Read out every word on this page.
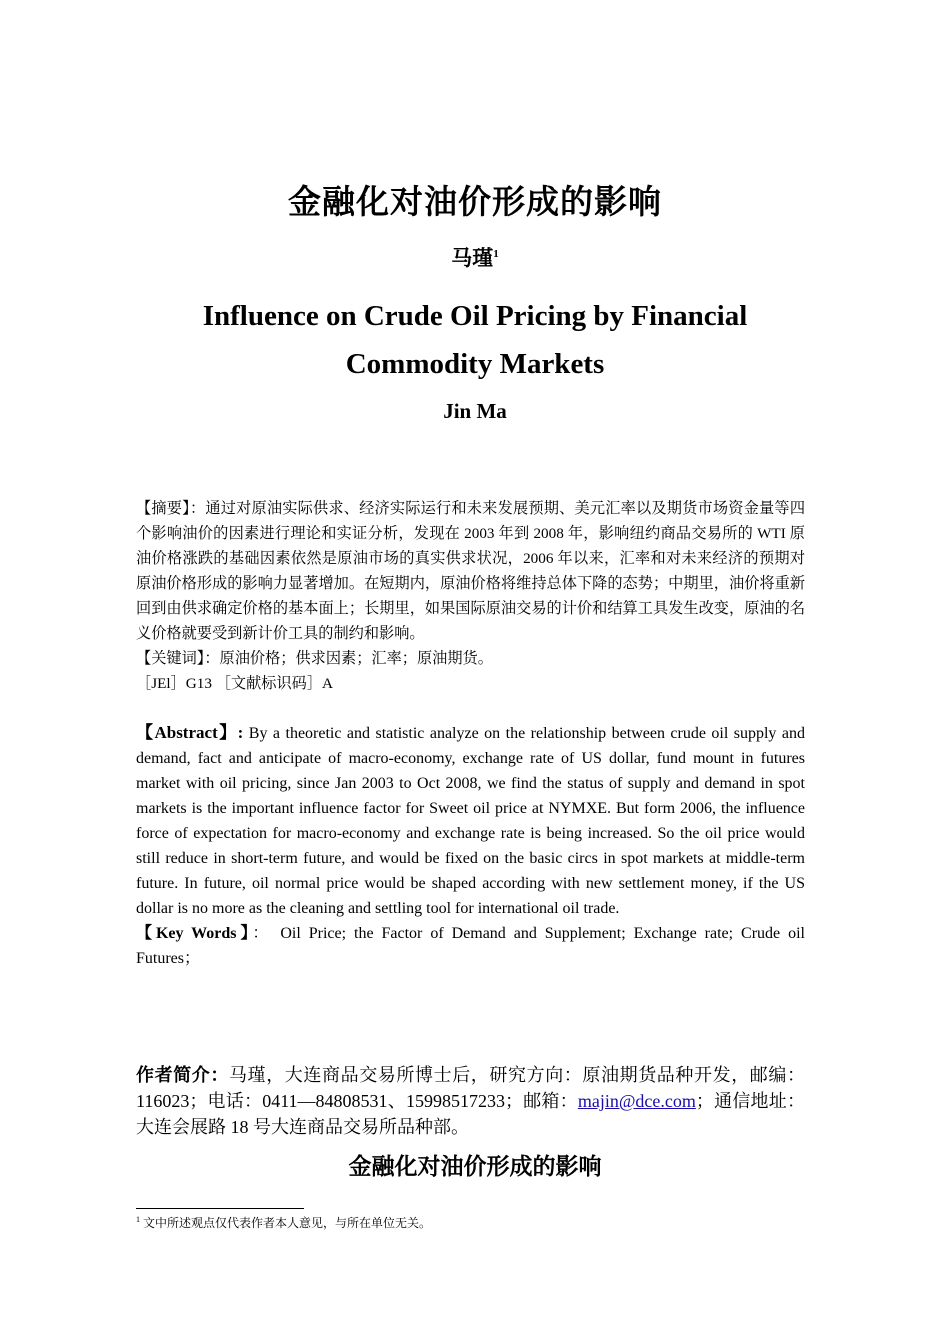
金融化对油价形成的影响
马瑾$^1$
Influence on Crude Oil Pricing by Financial
Commodity Markets
Jin Ma

【摘要】：通过对原油实际供求、经济实际运行和未来发展预期、美元汇率以及期货市场资金量等四个影响油价的因素进行理论和实证分析，发现在 2003 年到 2008 年，影响纽约商品交易所的 WTI 原油价格涨跌的基础因素依然是原油市场的真实供求状况，2006 年以来，汇率和对未来经济的预期对原油价格形成的影响力显著增加。在短期内，原油价格将维持总体下降的态势；中期里，油价将重新回到由供求确定价格的基本面上；长期里，如果国际原油交易的计价和结算工具发生改变，原油的名义价格就要受到新计价工具的制约和影响。

【关键词】：原油价格；供求因素；汇率；原油期货。

［JEl］G13 ［文献标识码］A

【Abstract】: By a theoretic and statistic analyze on the relationship between crude oil supply and demand, fact and anticipate of macro-economy, exchange rate of US dollar, fund mount in futures market with oil pricing, since Jan 2003 to Oct 2008, we find the status of supply and demand in spot markets is the important influence factor for Sweet oil price at NYMXE. But form 2006, the influence force of expectation for macro-economy and exchange rate is being increased. So the oil price would still reduce in short-term future, and would be fixed on the basic circs in spot markets at middle-term future. In future, oil normal price would be shaped according with new settlement money, if the US dollar is no more as the cleaning and settling tool for international oil trade.

【Key Words】： Oil Price; the Factor of Demand and Supplement; Exchange rate; Crude oil Futures；

作者简介：马瑾，大连商品交易所博士后，研究方向：原油期货品种开发，邮编：116023；电话：0411—84808531、15998517233；邮箱：majin@dce.com；通信地址：大连会展路 18 号大连商品交易所品种部。
金融化对油价形成的影响
$^1$ 文中所述观点仅代表作者本人意见，与所在单位无关。
